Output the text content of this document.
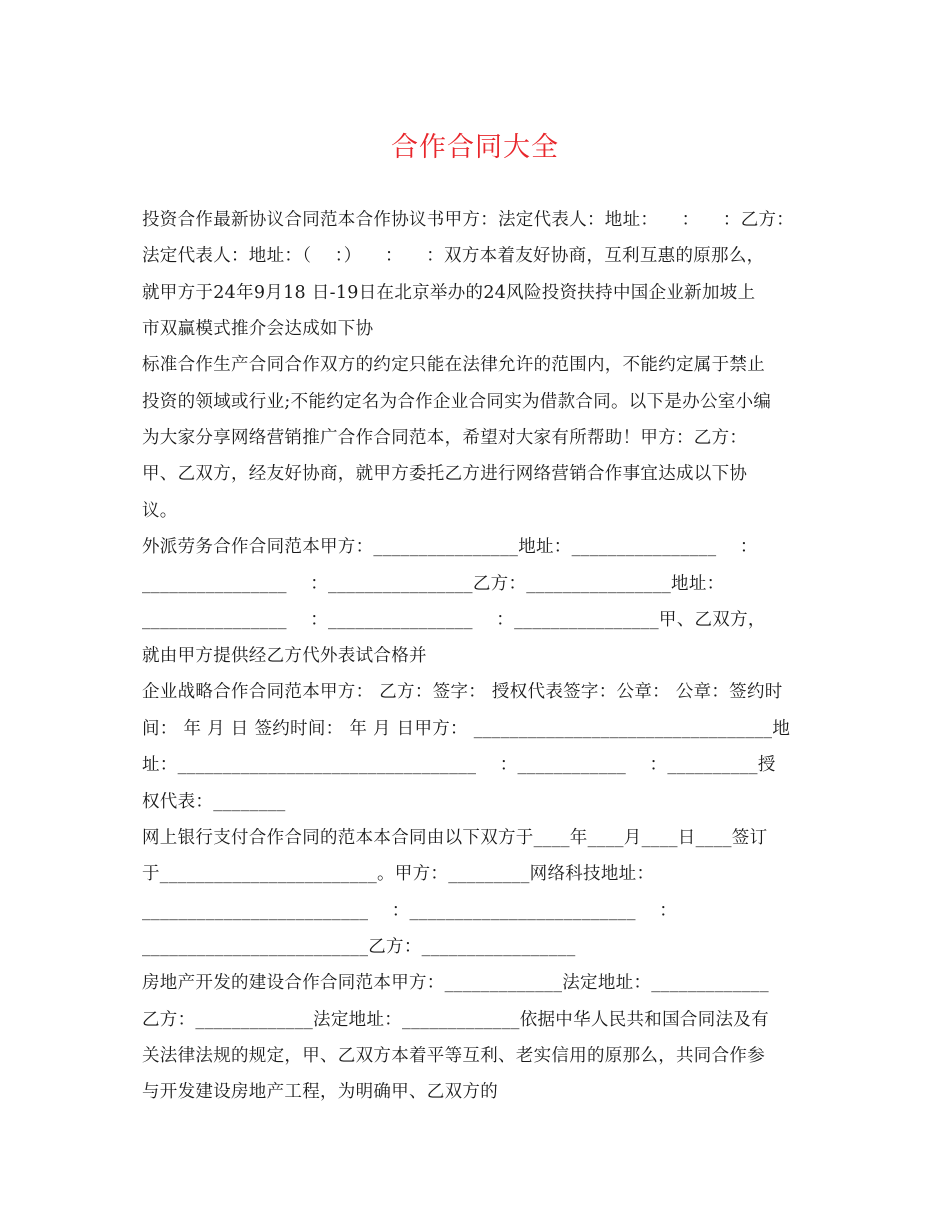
合作合同大全
投资合作最新协议合同范本合作协议书甲方：法定代表人：地址：    ：    ：乙方：
法定代表人：地址：（    ：）    ：    ：双方本着友好协商，互利互惠的原那么，
就甲方于24年9月18 日-19日在北京举办的24风险投资扶持中国企业新加坡上
市双赢模式推介会达成如下协
标准合作生产合同合作双方的约定只能在法律允许的范围内，不能约定属于禁止
投资的领域或行业;不能约定名为合作企业合同实为借款合同。以下是办公室小编
为大家分享网络营销推广合作合同范本，希望对大家有所帮助！甲方：乙方：
甲、乙双方，经友好协商，就甲方委托乙方进行网络营销合作事宜达成以下协
议。
外派劳务合作合同范本甲方：________________地址：________________    ：
________________    ：________________乙方：________________地址：
________________    ：________________    ：________________甲、乙双方，
就由甲方提供经乙方代外表试合格并
企业战略合作合同范本甲方： 乙方：签字： 授权代表签字：公章： 公章：签约时
间： 年 月 日 签约时间： 年 月 日甲方： _________________________________地
址：_________________________________    ：____________    ：__________授
权代表：________
网上银行支付合作合同的范本本合同由以下双方于____年____月____日____签订
于________________________。甲方：_________网络科技地址：
_________________________    ：_________________________    ：
_________________________乙方：_________________
房地产开发的建设合作合同范本甲方：_____________法定地址：_____________
乙方：_____________法定地址：_____________依据中华人民共和国合同法及有
关法律法规的规定，甲、乙双方本着平等互利、老实信用的原那么，共同合作参
与开发建设房地产工程，为明确甲、乙双方的
